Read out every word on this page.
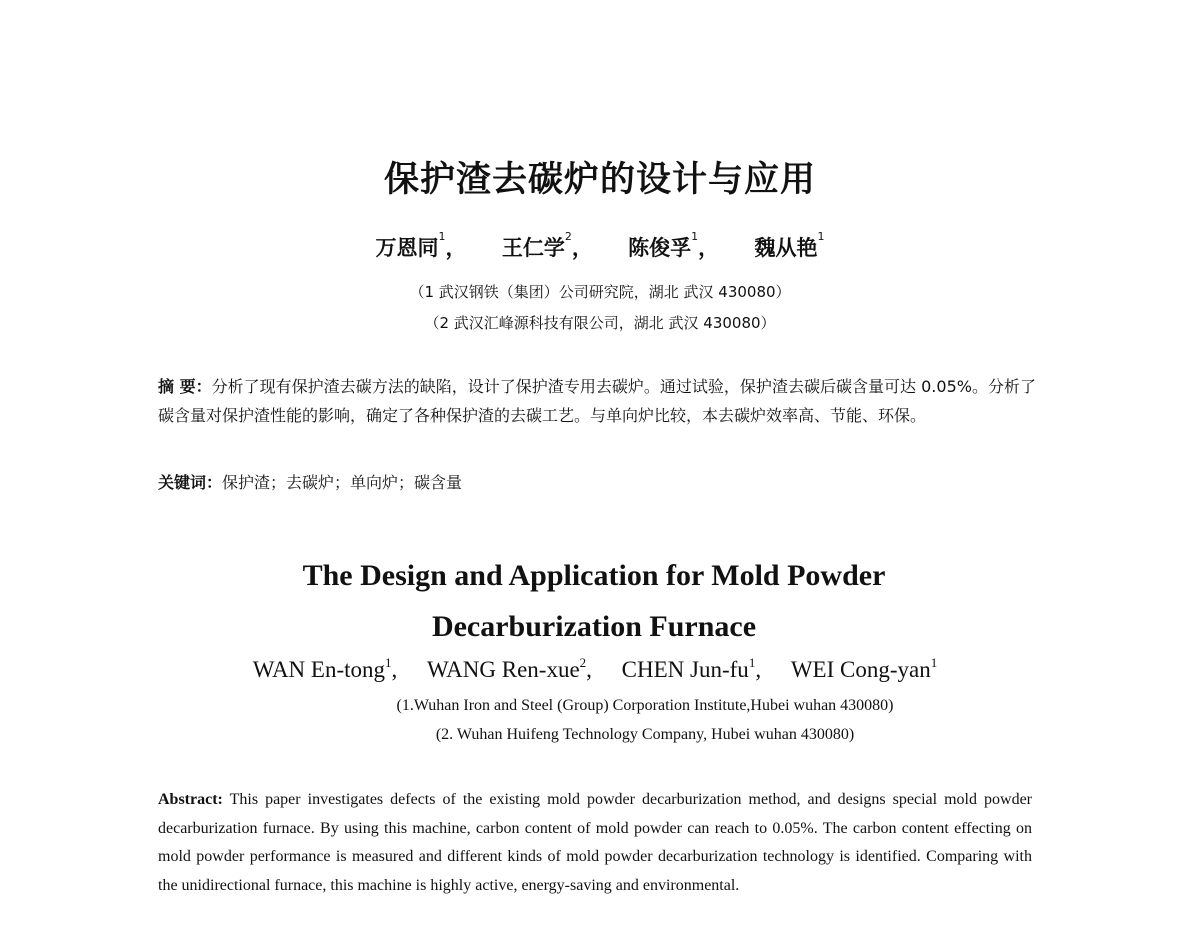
保护渣去碳炉的设计与应用
万恩同$^1$， 王仁学$^2$， 陈俊孚$^1$， 魏从艳$^1$
（1 武汉钢铁（集团）公司研究院，湖北 武汉 430080）
（2 武汉汇峰源科技有限公司，湖北 武汉 430080）
摘 要：分析了现有保护渣去碳方法的缺陷，设计了保护渣专用去碳炉。通过试验，保护渣去碳后碳含量可达 0.05%。分析了碳含量对保护渣性能的影响，确定了各种保护渣的去碳工艺。与单向炉比较，本去碳炉效率高、节能、环保。
关键词：保护渣；去碳炉；单向炉；碳含量
The Design and Application for Mold Powder
Decarburization Furnace
WAN En-tong$^1$, WANG Ren-xue$^2$, CHEN Jun-$fu^1$, WEI Cong-yan$^1$
(1.Wuhan Iron and Steel (Group) Corporation Institute,Hubei wuhan 430080)
(2. Wuhan Huifeng Technology Company, Hubei wuhan 430080)
Abstract: This paper investigates defects of the existing mold powder decarburization method, and designs special mold powder decarburization furnace. By using this machine, carbon content of mold powder can reach to 0.05%. The carbon content effecting on mold powder performance is measured and different kinds of mold powder decarburization technology is identified. Comparing with the unidirectional furnace, this machine is highly active, energy-saving and environmental.
